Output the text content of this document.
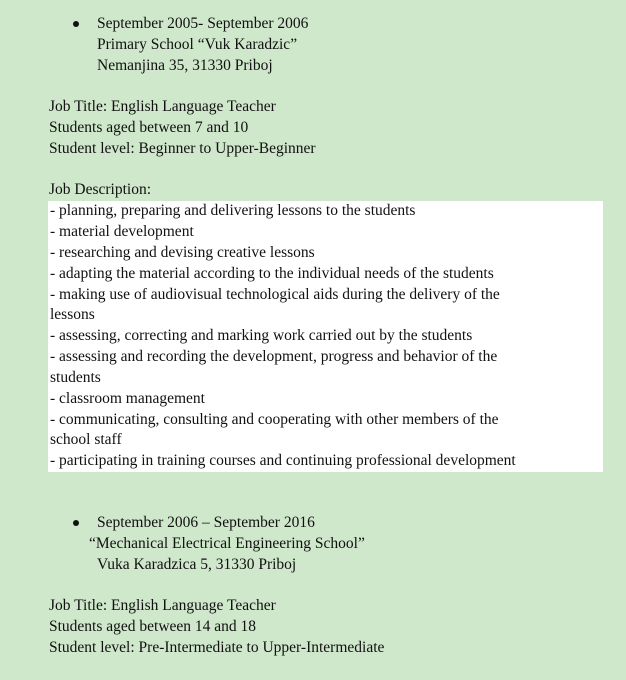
September 2005- September 2006
Primary School “Vuk Karadzic”
Nemanjina 35, 31330 Priboj
Job Title: English Language Teacher
Students aged between 7 and 10
Student level: Beginner to Upper-Beginner
Job Description:
- planning, preparing and delivering lessons to the students
- material development
- researching and devising creative lessons
- adapting the material according to the individual needs of the students
- making use of audiovisual technological aids during the delivery of the
lessons
- assessing, correcting and marking work carried out by the students
- assessing and recording the development, progress and behavior of the
students
- classroom management
- communicating, consulting and cooperating with other members of the
school staff
- participating in training courses and continuing professional development
September 2006 – September 2016
“Mechanical Electrical Engineering School”
Vuka Karadzica 5, 31330 Priboj
Job Title: English Language Teacher
Students aged between 14 and 18
Student level: Pre-Intermediate to Upper-Intermediate
